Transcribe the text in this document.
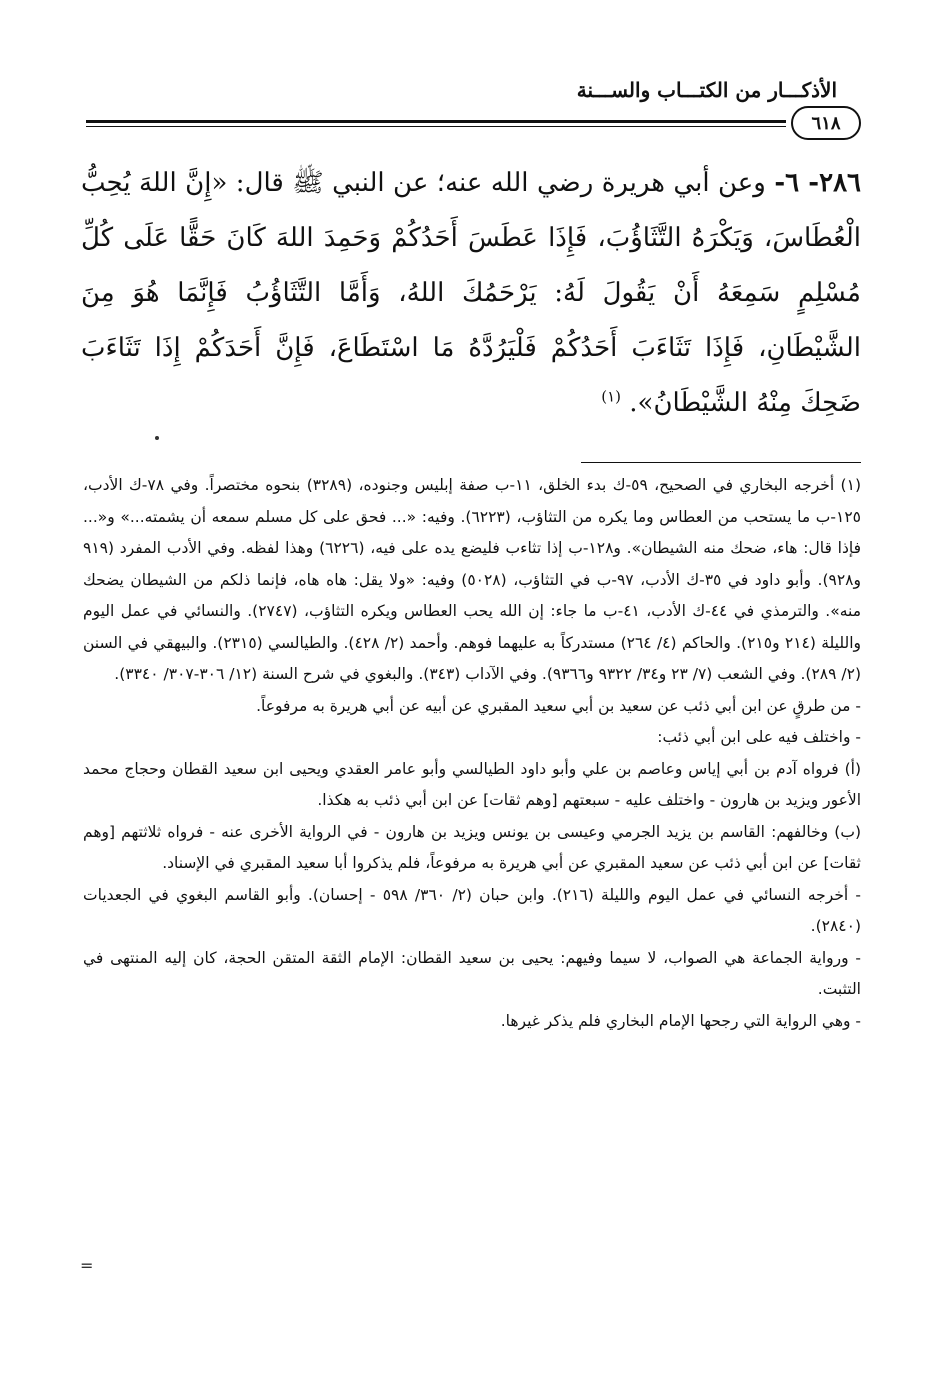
الأذكـــار من الكتـــاب والســـنة
٦١٨
٢٨٦- ٦- وعن أبي هريرة رضي الله عنه؛ عن النبي ﷺ قال: «إِنَّ اللهَ يُحِبُّ الْعُطَاسَ، وَيَكْرَهُ التَّثَاؤُبَ، فَإِذَا عَطَسَ أَحَدُكُمْ وَحَمِدَ اللهَ كَانَ حَقًّا عَلَى كُلِّ مُسْلِمٍ سَمِعَهُ أَنْ يَقُولَ لَهُ: يَرْحَمُكَ اللهُ، وَأَمَّا التَّثَاؤُبُ فَإِنَّمَا هُوَ مِنَ الشَّيْطَانِ، فَإِذَا تَثَاءَبَ أَحَدُكُمْ فَلْيَرُدَّهُ مَا اسْتَطَاعَ، فَإِنَّ أَحَدَكُمْ إِذَا تَثَاءَبَ ضَحِكَ مِنْهُ الشَّيْطَانُ». $^{(١)}$

(١) أخرجه البخاري في الصحيح، ٥٩-ك بدء الخلق، ١١-ب صفة إبليس وجنوده، (٣٢٨٩) بنحوه مختصراً. وفي ٧٨-ك الأدب، ١٢٥-ب ما يستحب من العطاس وما يكره من التثاؤب، (٦٢٢٣). وفيه: «... فحق على كل مسلم سمعه أن يشمته...» و«... فإذا قال: هاء، ضحك منه الشيطان». و١٢٨-ب إذا تثاءب فليضع يده على فيه، (٦٢٢٦) وهذا لفظه. وفي الأدب المفرد (٩١٩ و٩٢٨). وأبو داود في ٣٥-ك الأدب، ٩٧-ب في التثاؤب، (٥٠٢٨) وفيه: «ولا يقل: هاه هاه، فإنما ذلكم من الشيطان يضحك منه». والترمذي في ٤٤-ك الأدب، ٤١-ب ما جاء: إن الله يحب العطاس ويكره التثاؤب، (٢٧٤٧). والنسائي في عمل اليوم والليلة (٢١٤ و٢١٥). والحاكم (٤/ ٢٦٤) مستدركاً به عليهما فوهم. وأحمد (٢/ ٤٢٨). والطيالسي (٢٣١٥). والبيهقي في السنن (٢/ ٢٨٩). وفي الشعب (٧/ ٢٣ و٣٤/ ٩٣٢٢ و٩٣٦٦). وفي الآداب (٣٤٣). والبغوي في شرح السنة (١٢/ ٣٠٦-٣٠٧/ ٣٣٤٠).

- من طرقٍ عن ابن أبي ذئب عن سعيد بن أبي سعيد المقبري عن أبيه عن أبي هريرة به مرفوعاً.

- واختلف فيه على ابن أبي ذئب:

(أ) فرواه آدم بن أبي إياس وعاصم بن علي وأبو داود الطيالسي وأبو عامر العقدي ويحيى ابن سعيد القطان وحجاج محمد الأعور ويزيد بن هارون - واختلف عليه - سبعتهم [وهم ثقات] عن ابن أبي ذئب به هكذا.

(ب) وخالفهم: القاسم بن يزيد الجرمي وعيسى بن يونس ويزيد بن هارون - في الرواية الأخرى عنه - فرواه ثلاثتهم [وهم ثقات] عن ابن أبي ذئب عن سعيد المقبري عن أبي هريرة به مرفوعاً، فلم يذكروا أبا سعيد المقبري في الإسناد.

- أخرجه النسائي في عمل اليوم والليلة (٢١٦). وابن حبان (٢/ ٣٦٠/ ٥٩٨ - إحسان). وأبو القاسم البغوي في الجعديات (٢٨٤٠).

- ورواية الجماعة هي الصواب، لا سيما وفيهم: يحيى بن سعيد القطان: الإمام الثقة المتقن الحجة، كان إليه المنتهى في التثبت.

- وهي الرواية التي رجحها الإمام البخاري فلم يذكر غيرها.

=
